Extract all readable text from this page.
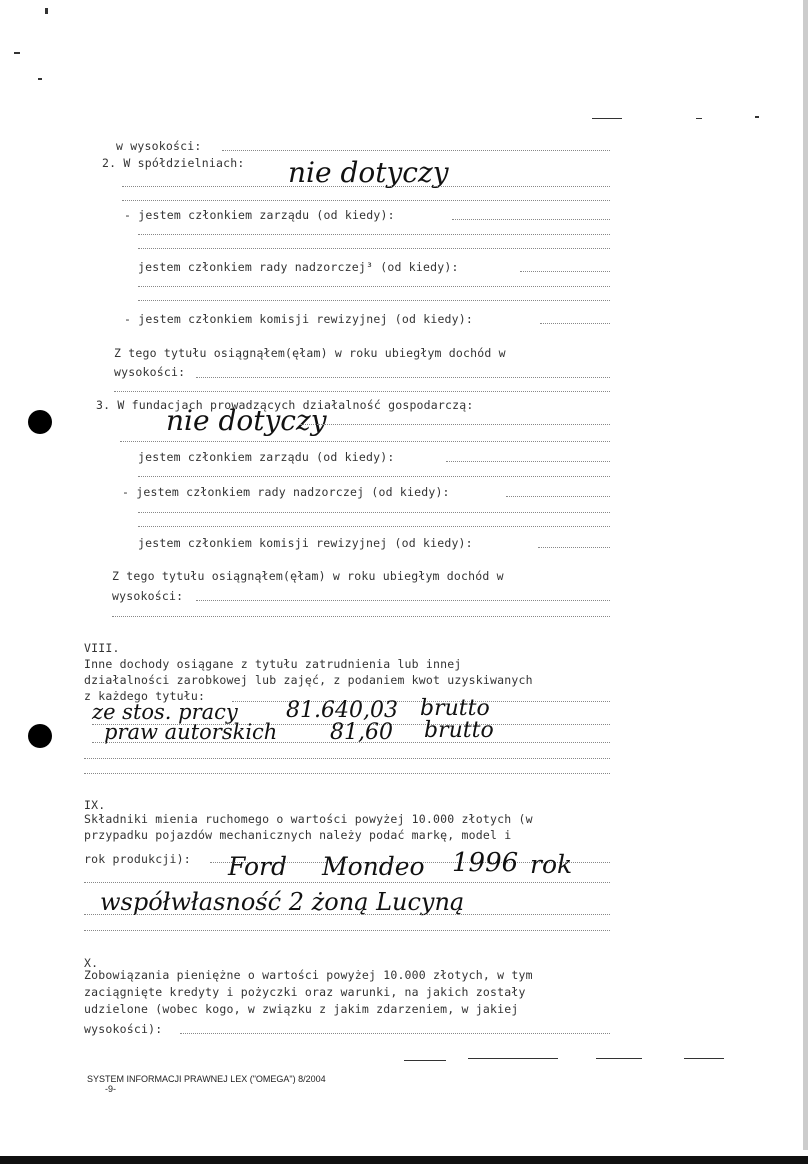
w wysokości:
2. W spółdzielniach: nie dotyczy
- jestem członkiem zarządu (od kiedy):
jestem członkiem rady nadzorczej³ (od kiedy):
- jestem członkiem komisji rewizyjnej (od kiedy):
Z tego tytułu osiągnąłem(ęłam) w roku ubiegłym dochód w
wysokości:
3. W fundacjach prowadzących działalność gospodarczą:
nie dotyczy
jestem członkiem zarządu (od kiedy):
- jestem członkiem rady nadzorczej (od kiedy):
jestem członkiem komisji rewizyjnej (od kiedy):
Z tego tytułu osiągnąłem(ęłam) w roku ubiegłym dochód w
wysokości:
VIII.
Inne dochody osiągane z tytułu zatrudnienia lub innej
działalności zarobkowej lub zajęć, z podaniem kwot uzyskiwanych
z każdego tytułu:
ze stos. pracy 81.640,03 brutto
praw autorskich 81,60 brutto
IX.
Składniki mienia ruchomego o wartości powyżej 10.000 złotych (w
przypadku pojazdów mechanicznych należy podać markę, model i
rok produkcji): Ford Mondeo 1996 rok
współwłasność 2 żoną Lucyną
X.
Zobowiązania pieniężne o wartości powyżej 10.000 złotych, w tym
zaciągnięte kredyty i pożyczki oraz warunki, na jakich zostały
udzielone (wobec kogo, w związku z jakim zdarzeniem, w jakiej
wysokości):

SYSTEM INFORMACJI PRAWNEJ LEX ("OMEGA") 8/2004
-9-
